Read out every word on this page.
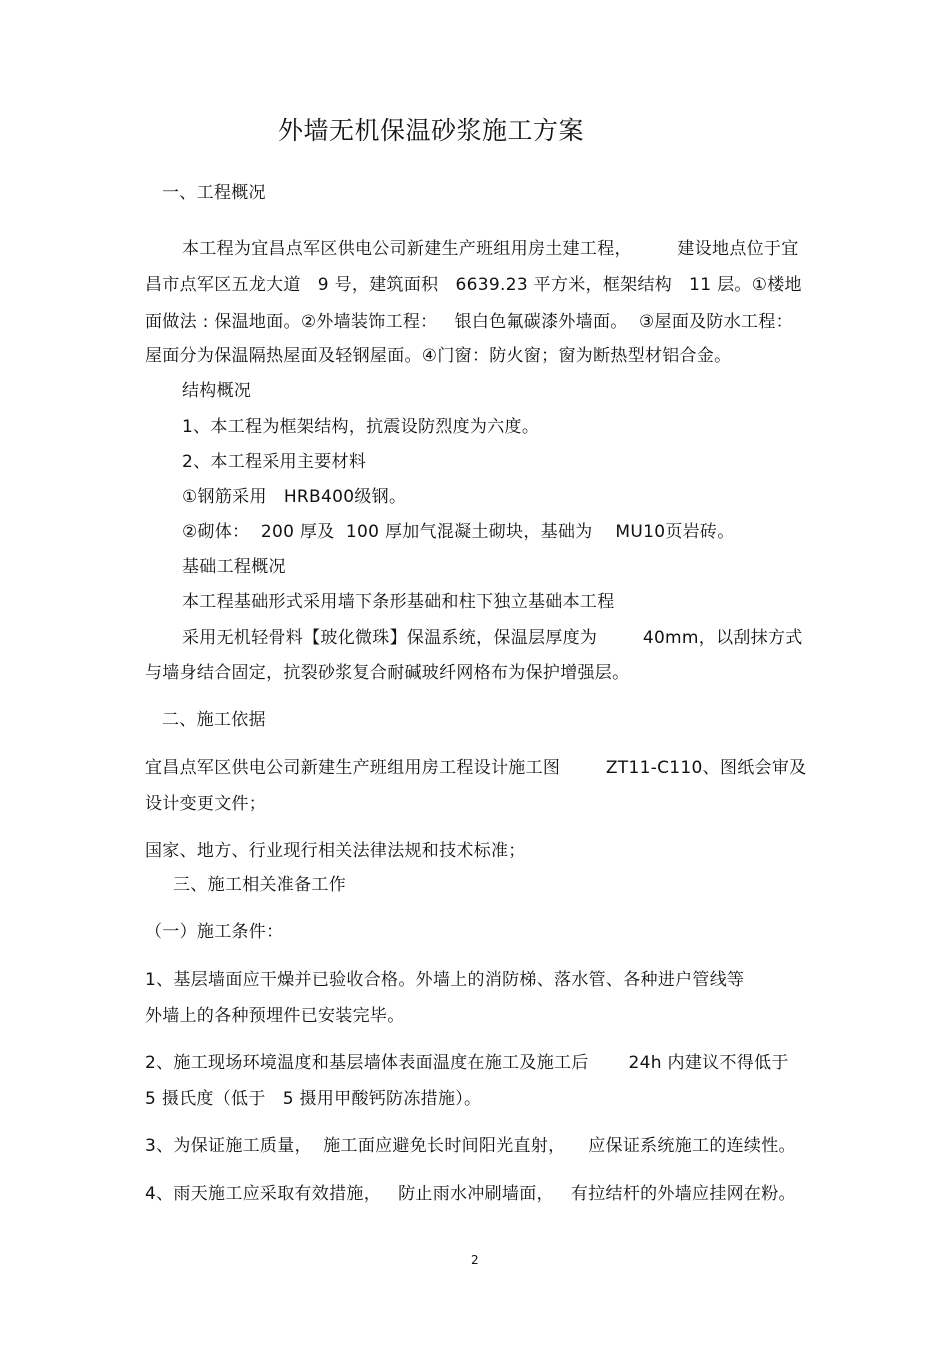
外墙无机保温砂浆施工方案
一、工程概况
本工程为宜昌点军区供电公司新建生产班组用房土建工程，        建设地点位于宜
昌市点军区五龙大道   9 号，建筑面积   6639.23 平方米，框架结构   11 层。①楼地
面做法 : 保温地面。②外墙装饰工程：   银白色氟碳漆外墙面。  ③屋面及防水工程：
屋面分为保温隔热屋面及轻钢屋面。④门窗：防火窗；窗为断热型材铝合金。
结构概况
1、本工程为框架结构，抗震设防烈度为六度。
2、本工程采用主要材料
①钢筋采用   HRB400级钢。
②砌体：  200 厚及  100 厚加气混凝土砌块，基础为    MU10页岩砖。
基础工程概况
本工程基础形式采用墙下条形基础和柱下独立基础本工程
采用无机轻骨料【玻化微珠】保温系统，保温层厚度为        40mm，以刮抹方式
与墙身结合固定，抗裂砂浆复合耐碱玻纤网格布为保护增强层。
二、施工依据
宜昌点军区供电公司新建生产班组用房工程设计施工图        ZT11-C110、图纸会审及
设计变更文件；
国家、地方、行业现行相关法律法规和技术标准；
三、施工相关准备工作
（一）施工条件：
1、基层墙面应干燥并已验收合格。外墙上的消防梯、落水管、各种进户管线等
外墙上的各种预埋件已安装完毕。
2、施工现场环境温度和基层墙体表面温度在施工及施工后       24h 内建议不得低于
5 摄氏度（低于   5 摄用甲酸钙防冻措施）。
3、为保证施工质量，  施工面应避免长时间阳光直射，    应保证系统施工的连续性。
4、雨天施工应采取有效措施，   防止雨水冲刷墙面，   有拉结杆的外墙应挂网在粉。
2
